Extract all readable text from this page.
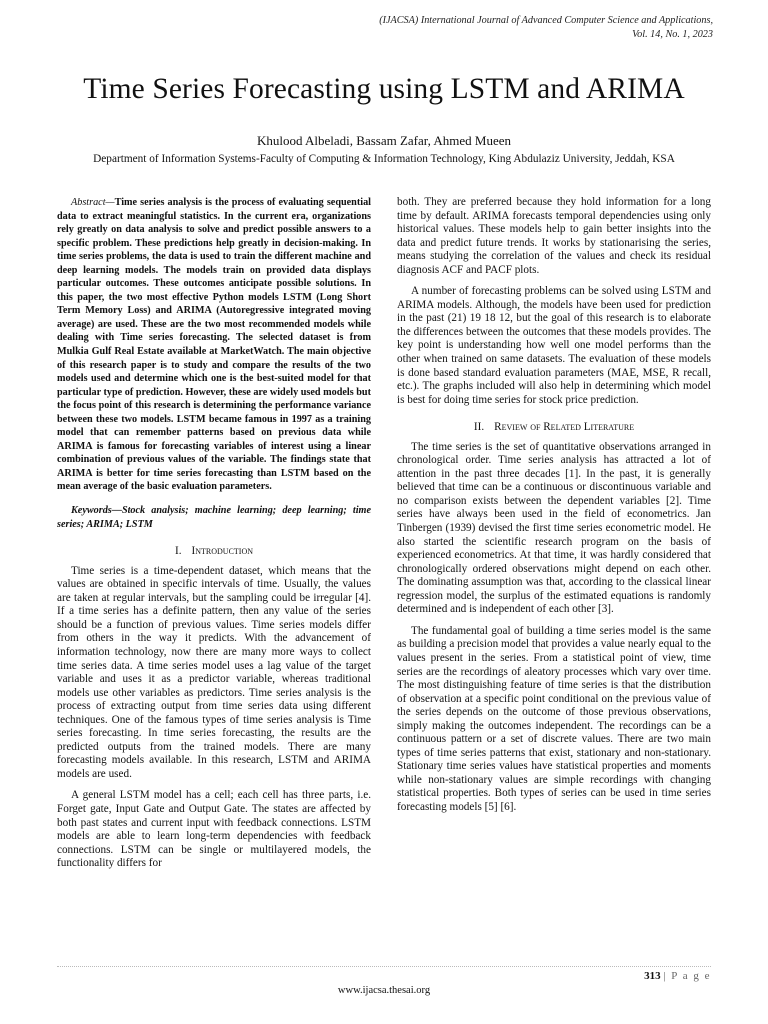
(IJACSA) International Journal of Advanced Computer Science and Applications,
Vol. 14, No. 1, 2023
Time Series Forecasting using LSTM and ARIMA
Khulood Albeladi, Bassam Zafar, Ahmed Mueen
Department of Information Systems-Faculty of Computing & Information Technology, King Abdulaziz University, Jeddah, KSA

Abstract—Time series analysis is the process of evaluating sequential data to extract meaningful statistics. In the current era, organizations rely greatly on data analysis to solve and predict possible answers to a specific problem. These predictions help greatly in decision-making. In time series problems, the data is used to train the different machine and deep learning models. The models train on provided data displays particular outcomes. These outcomes anticipate possible solutions. In this paper, the two most effective Python models LSTM (Long Short Term Memory Loss) and ARIMA (Autoregressive integrated moving average) are used. These are the two most recommended models while dealing with Time series forecasting. The selected dataset is from Mulkia Gulf Real Estate available at MarketWatch. The main objective of this research paper is to study and compare the results of the two models used and determine which one is the best-suited model for that particular type of prediction. However, these are widely used models but the focus point of this research is determining the performance variance between these two models. LSTM became famous in 1997 as a training model that can remember patterns based on previous data while ARIMA is famous for forecasting variables of interest using a linear combination of previous values of the variable. The findings state that ARIMA is better for time series forecasting than LSTM based on the mean average of the basic evaluation parameters.

Keywords—Stock analysis; machine learning; deep learning; time series; ARIMA; LSTM

I. Introduction

Time series is a time-dependent dataset, which means that the values are obtained in specific intervals of time. Usually, the values are taken at regular intervals, but the sampling could be irregular [4]. If a time series has a definite pattern, then any value of the series should be a function of previous values. Time series models differ from others in the way it predicts. With the advancement of information technology, now there are many more ways to collect time series data. A time series model uses a lag value of the target variable and uses it as a predictor variable, whereas traditional models use other variables as predictors. Time series analysis is the process of extracting output from time series data using different techniques. One of the famous types of time series analysis is Time series forecasting. In time series forecasting, the results are the predicted outputs from the trained models. There are many forecasting models available. In this research, LSTM and ARIMA models are used.

A general LSTM model has a cell; each cell has three parts, i.e. Forget gate, Input Gate and Output Gate. The states are affected by both past states and current input with feedback connections. LSTM models are able to learn long-term dependencies with feedback connections. LSTM can be single or multilayered models, the functionality differs for

both. They are preferred because they hold information for a long time by default. ARIMA forecasts temporal dependencies using only historical values. These models help to gain better insights into the data and predict future trends. It works by stationarising the series, means studying the correlation of the values and check its residual diagnosis ACF and PACF plots.

A number of forecasting problems can be solved using LSTM and ARIMA models. Although, the models have been used for prediction in the past (21) 19 18 12, but the goal of this research is to elaborate the differences between the outcomes that these models provides. The key point is understanding how well one model performs than the other when trained on same datasets. The evaluation of these models is done based standard evaluation parameters (MAE, MSE, R recall, etc.). The graphs included will also help in determining which model is best for doing time series for stock price prediction.

II. Review of Related Literature

The time series is the set of quantitative observations arranged in chronological order. Time series analysis has attracted a lot of attention in the past three decades [1]. In the past, it is generally believed that time can be a continuous or discontinuous variable and no comparison exists between the dependent variables [2]. Time series have always been used in the field of econometrics. Jan Tinbergen (1939) devised the first time series econometric model. He also started the scientific research program on the basis of experienced econometrics. At that time, it was hardly considered that chronologically ordered observations might depend on each other. The dominating assumption was that, according to the classical linear regression model, the surplus of the estimated equations is randomly determined and is independent of each other [3].

The fundamental goal of building a time series model is the same as building a precision model that provides a value nearly equal to the values present in the series. From a statistical point of view, time series are the recordings of aleatory processes which vary over time. The most distinguishing feature of time series is that the distribution of observation at a specific point conditional on the previous value of the series depends on the outcome of those previous observations, simply making the outcomes independent. The recordings can be a continuous pattern or a set of discrete values. There are two main types of time series patterns that exist, stationary and non-stationary. Stationary time series values have statistical properties and moments while non-stationary values are simple recordings with changing statistical properties. Both types of series can be used in time series forecasting models [5] [6].

313 | P a g e
www.ijacsa.thesai.org
